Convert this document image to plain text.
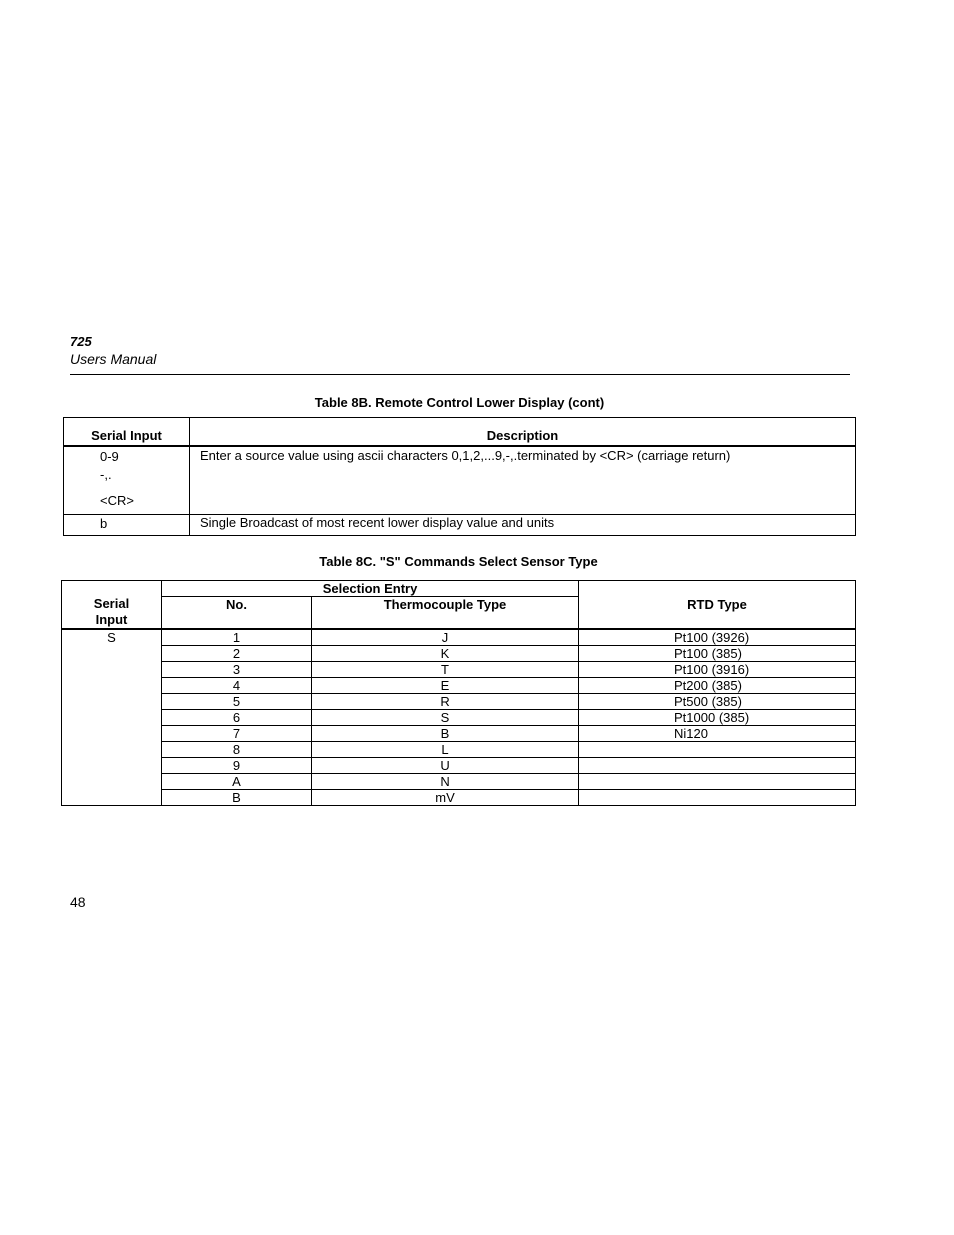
725
Users Manual
Table 8B. Remote Control Lower Display (cont)
Serial Input	Description

0-9
-,.
<CR>	Enter a source value using ascii characters 0,1,2,...9,-,.terminated by <CR> (carriage return)

b	Single Broadcast of most recent lower display value and units
Table 8C. "S" Commands Select Sensor Type
Serial Input	Selection Entry		RTD Type
	No.	Thermocouple Type	
S	1	J	Pt100 (3926)
	2	K	Pt100 (385)
	3	T	Pt100 (3916)
	4	E	Pt200 (385)
	5	R	Pt500 (385)
	6	S	Pt1000 (385)
	7	B	Ni120
	8	L	
	9	U	
	A	N	
	B	mV	
48
